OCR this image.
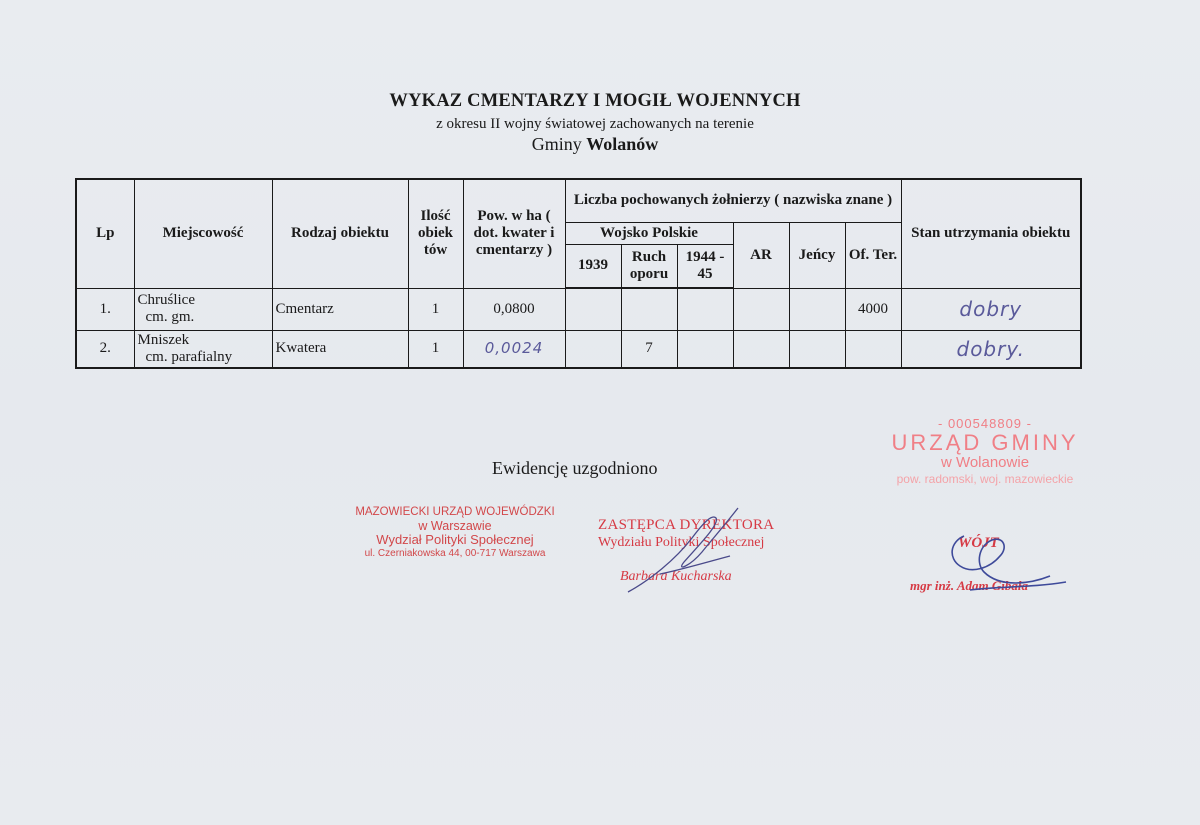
WYKAZ CMENTARZY I MOGIŁ WOJENNYCH
z okresu II wojny światowej zachowanych na terenie
Gminy Wolanów
Lp	Miejscowość	Rodzaj obiektu	Ilość obiek tów	Pow. w ha ( dot. kwater i cmentarzy )	Liczba pochowanych żołnierzy ( nazwiska znane )						Stan utrzymania obiektu
					Wojsko Polskie			AR	Jeńcy	Of. Ter.	
					1939	Ruch oporu	1944 - 45				
1.	Chruślice
cm. gm.	Cmentarz	1	0,0800						4000	dobry
2.	Mniszek
cm. parafialny	Kwatera	1	0,0024		7					dobry.
Ewidencję uzgodniono
MAZOWIECKI URZĄD WOJEWÓDZKI
w Warszawie
Wydział Polityki Społecznej
ul. Czerniakowska 44, 00-717 Warszawa
ZASTĘPCA DYREKTORA
Wydziału Polityki Społecznej
Barbara Kucharska
- 000548809 -
URZĄD GMINY
w Wolanowie
pow. radomski, woj. mazowieckie
WÓJT
mgr inż. Adam Gibała
